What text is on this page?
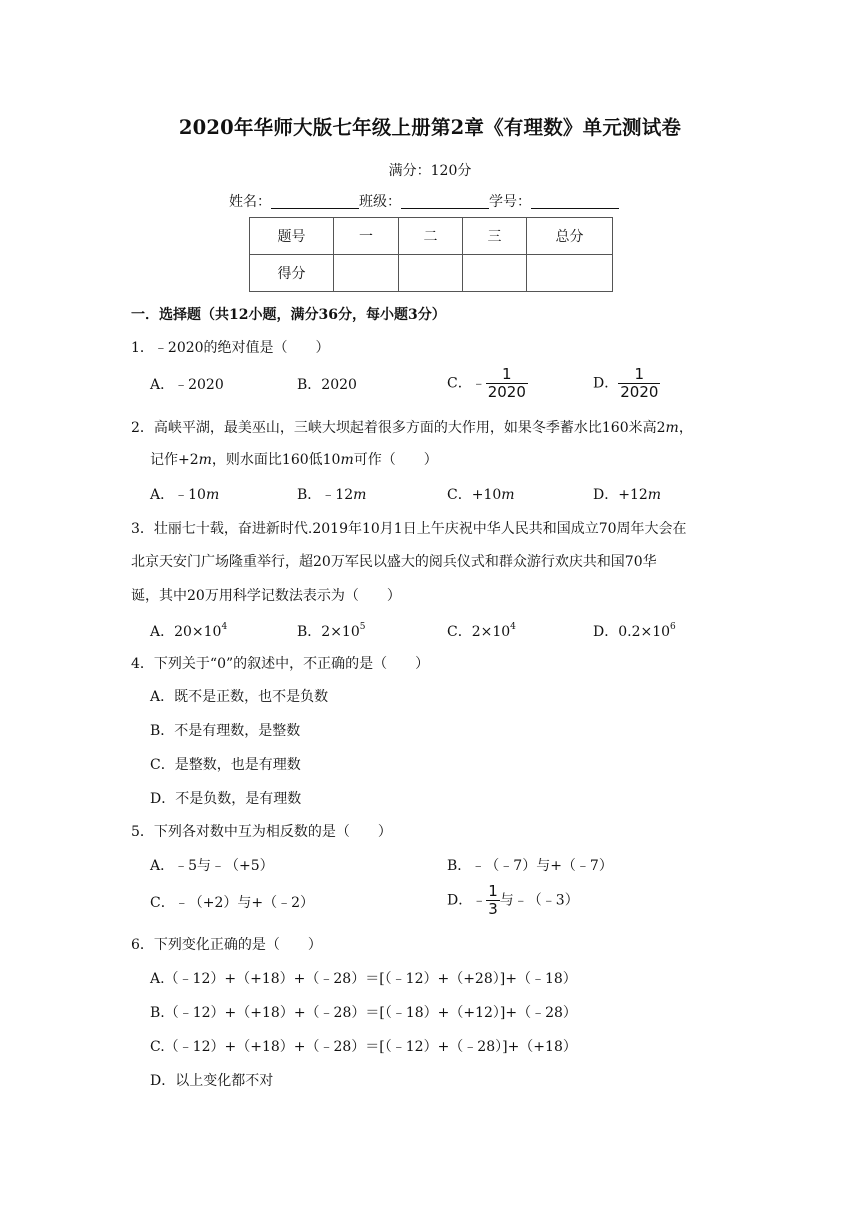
2020年华师大版七年级上册第2章《有理数》单元测试卷
满分：120分
姓名：	班级：	学号：
题号	一	二	三	总分
得分				
一．选择题（共12小题，满分36分，每小题3分）
1．﹣2020的绝对值是（　　）
A．﹣2020	B．2020	C．﹣ $\frac{1}{2020}$	D． $\frac{1}{2020}$
2．高峡平湖，最美巫山，三峡大坝起着很多方面的大作用，如果冬季蓄水比160米高2m，
记作+2m，则水面比160低10m可作（　　）
A．﹣10m	B．﹣12m	C．+10m	D．+12m
3．壮丽七十载，奋进新时代.2019年10月1日上午庆祝中华人民共和国成立70周年大会在
北京天安门广场隆重举行，超20万军民以盛大的阅兵仪式和群众游行欢庆共和国70华
诞，其中20万用科学记数法表示为（　　）
A．$20\times 10^4$	B．$2\times 10^5$	C．$2\times 10^4$	D．$0.2\times 10^6$
4．下列关于“0”的叙述中，不正确的是（　　）
A．既不是正数，也不是负数
B．不是有理数，是整数
C．是整数，也是有理数
D．不是负数，是有理数
5．下列各对数中互为相反数的是（　　）
A．﹣5与﹣（+5）	B．﹣（﹣7）与+（﹣7）
C．﹣（+2）与+（﹣2）	D．﹣ $\frac{1}{3}$ 与﹣（﹣3）
6．下列变化正确的是（　　）
A.（﹣12）+（+18）+（﹣28）＝[（﹣12）+（+28）]+（﹣18）
B.（﹣12）+（+18）+（﹣28）＝[（﹣18）+（+12）]+（﹣28）
C.（﹣12）+（+18）+（﹣28）＝[（﹣12）+（﹣28）]+（+18）
D．以上变化都不对
